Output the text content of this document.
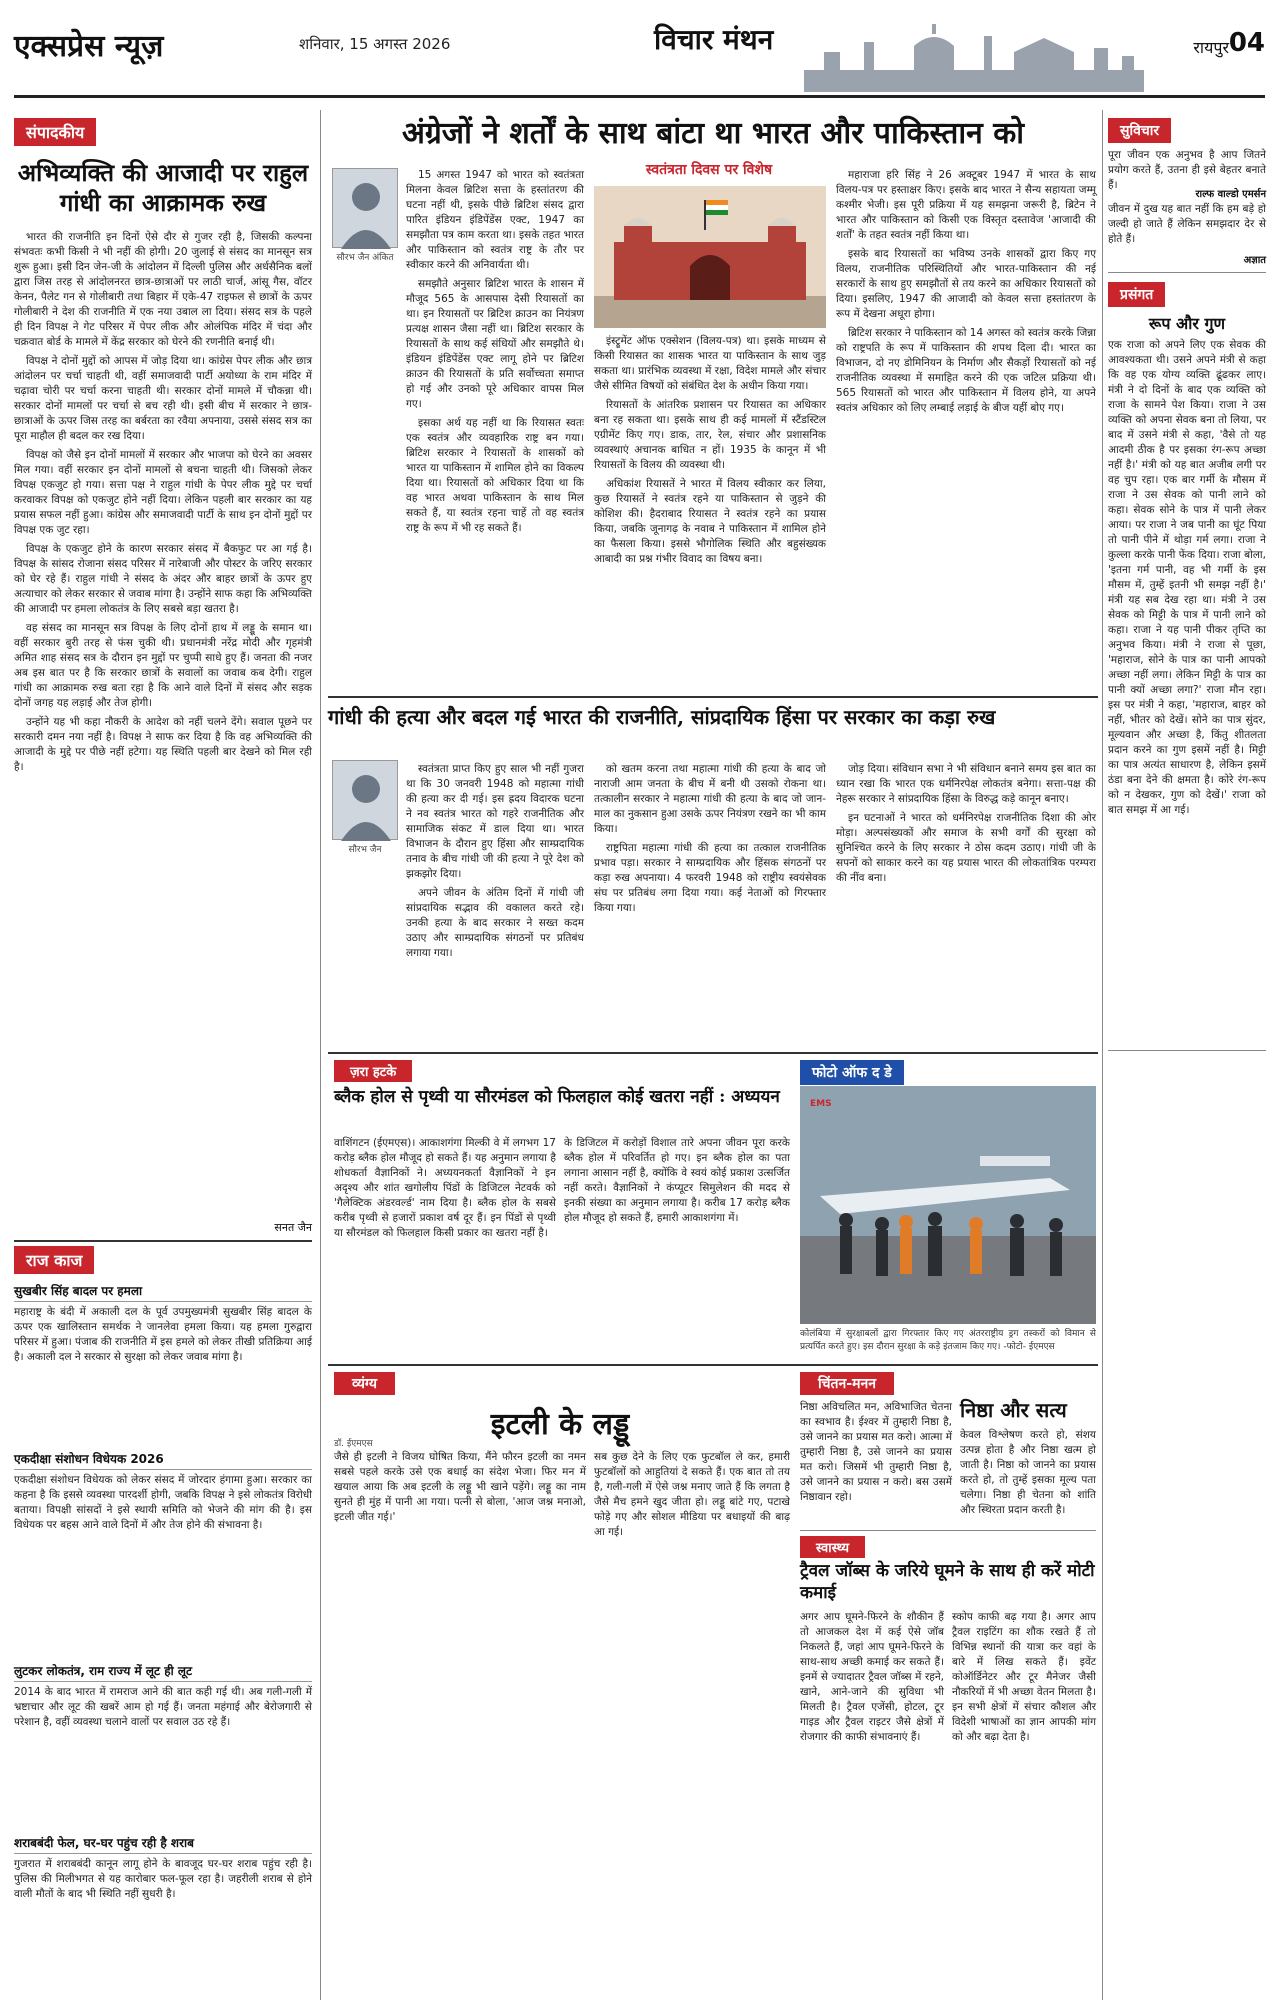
एक्सप्रेस न्यूज़	शनिवार, 15 अगस्त 2026	विचार मंथन	रायपुर 04
संपादकीय
अभिव्यक्ति की आजादी पर राहुल गांधी का आक्रामक रुख

भारत की राजनीति इन दिनों ऐसे दौर से गुजर रही है, जिसकी कल्पना संभवतः कभी किसी ने भी नहीं की होगी। 20 जुलाई से संसद का मानसून सत्र शुरू हुआ। इसी दिन जेन-जी के आंदोलन में दिल्ली पुलिस और अर्धसैनिक बलों द्वारा जिस तरह से आंदोलनरत छात्र-छात्राओं पर लाठी चार्ज, आंसू गैस, वॉटर केनन, पैलेट गन से गोलीबारी तथा बिहार में एके-47 राइफल से छात्रों के ऊपर गोलीबारी ने देश की राजनीति में एक नया उबाल ला दिया। संसद सत्र के पहले ही दिन विपक्ष ने गेट परिसर में पेपर लीक और ओलंपिक मंदिर में चंदा और चक्रवात बोर्ड के मामले में केंद्र सरकार को घेरने की रणनीति बनाई थी।

विपक्ष ने दोनों मुद्दों को आपस में जोड़ दिया था। कांग्रेस पेपर लीक और छात्र आंदोलन पर चर्चा चाहती थी, वहीं समाजवादी पार्टी अयोध्या के राम मंदिर में चढ़ावा चोरी पर चर्चा करना चाहती थी। सरकार दोनों मामले में चौकन्ना थी। सरकार दोनों मामलों पर चर्चा से बच रही थी। इसी बीच में सरकार ने छात्र-छात्राओं के ऊपर जिस तरह का बर्बरता का रवैया अपनाया, उससे संसद सत्र का पूरा माहौल ही बदल कर रख दिया।

विपक्ष को जैसे इन दोनों मामलों में सरकार और भाजपा को घेरने का अवसर मिल गया। वहीं सरकार इन दोनों मामलों से बचना चाहती थी। जिसको लेकर विपक्ष एकजुट हो गया। सत्ता पक्ष ने राहुल गांधी के पेपर लीक मुद्दे पर चर्चा करवाकर विपक्ष को एकजुट होने नहीं दिया। लेकिन पहली बार सरकार का यह प्रयास सफल नहीं हुआ। कांग्रेस और समाजवादी पार्टी के साथ इन दोनों मुद्दों पर विपक्ष एक जुट रहा।

विपक्ष के एकजुट होने के कारण सरकार संसद में बैकफुट पर आ गई है। विपक्ष के सांसद रोजाना संसद परिसर में नारेबाजी और पोस्टर के जरिए सरकार को घेर रहे हैं। राहुल गांधी ने संसद के अंदर और बाहर छात्रों के ऊपर हुए अत्याचार को लेकर सरकार से जवाब मांगा है। उन्होंने साफ कहा कि अभिव्यक्ति की आजादी पर हमला लोकतंत्र के लिए सबसे बड़ा खतरा है।

वह संसद का मानसून सत्र विपक्ष के लिए दोनों हाथ में लड्डू के समान था। वहीं सरकार बुरी तरह से फंस चुकी थी। प्रधानमंत्री नरेंद्र मोदी और गृहमंत्री अमित शाह संसद सत्र के दौरान इन मुद्दों पर चुप्पी साधे हुए हैं। जनता की नजर अब इस बात पर है कि सरकार छात्रों के सवालों का जवाब कब देगी। राहुल गांधी का आक्रामक रुख बता रहा है कि आने वाले दिनों में संसद और सड़क दोनों जगह यह लड़ाई और तेज होगी।

उन्होंने यह भी कहा नौकरी के आदेश को नहीं चलने देंगे। सवाल पूछने पर सरकारी दमन नया नहीं है। विपक्ष ने साफ कर दिया है कि वह अभिव्यक्ति की आजादी के मुद्दे पर पीछे नहीं हटेगा। यह स्थिति पहली बार देखने को मिल रही है।

सनत जैन
राज काज
सुखबीर सिंह बादल पर हमला
महाराष्ट्र के बंदी में अकाली दल के पूर्व उपमुख्यमंत्री सुखबीर सिंह बादल के ऊपर एक खालिस्तान समर्थक ने जानलेवा हमला किया। यह हमला गुरुद्वारा परिसर में हुआ। पंजाब की राजनीति में इस हमले को लेकर तीखी प्रतिक्रिया आई है। अकाली दल ने सरकार से सुरक्षा को लेकर जवाब मांगा है।
एकदीक्षा संशोधन विधेयक 2026
एकदीक्षा संशोधन विधेयक को लेकर संसद में जोरदार हंगामा हुआ। सरकार का कहना है कि इससे व्यवस्था पारदर्शी होगी, जबकि विपक्ष ने इसे लोकतंत्र विरोधी बताया। विपक्षी सांसदों ने इसे स्थायी समिति को भेजने की मांग की है। इस विधेयक पर बहस आने वाले दिनों में और तेज होने की संभावना है।
लुटकर लोकतंत्र, राम राज्य में लूट ही लूट
2014 के बाद भारत में रामराज आने की बात कही गई थी। अब गली-गली में भ्रष्टाचार और लूट की खबरें आम हो गई हैं। जनता महंगाई और बेरोजगारी से परेशान है, वहीं व्यवस्था चलाने वालों पर सवाल उठ रहे हैं।
शराबबंदी फेल, घर-घर पहुंच रही है शराब
गुजरात में शराबबंदी कानून लागू होने के बावजूद घर-घर शराब पहुंच रही है। पुलिस की मिलीभगत से यह कारोबार फल-फूल रहा है। जहरीली शराब से होने वाली मौतों के बाद भी स्थिति नहीं सुधरी है।
अंग्रेजों ने शर्तों के साथ बांटा था भारत और पाकिस्तान को
स्वतंत्रता दिवस पर विशेष
सौरभ जैन अंकित

15 अगस्त 1947 को भारत को स्वतंत्रता मिलना केवल ब्रिटिश सत्ता के हस्तांतरण की घटना नहीं थी, इसके पीछे ब्रिटिश संसद द्वारा पारित इंडियन इंडिपेंडेंस एक्ट, 1947 का समझौता पत्र काम करता था। इसके तहत भारत और पाकिस्तान को स्वतंत्र राष्ट्र के तौर पर स्वीकार करने की अनिवार्यता थी।

समझौते अनुसार ब्रिटिश भारत के शासन में मौजूद 565 के आसपास देसी रियासतों का था। इन रियासतों पर ब्रिटिश क्राउन का नियंत्रण प्रत्यक्ष शासन जैसा नहीं था। ब्रिटिश सरकार के रियासतों के साथ कई संधियों और समझौते थे। इंडियन इंडिपेंडेंस एक्ट लागू होने पर ब्रिटिश क्राउन की रियासतों के प्रति सर्वोच्चता समाप्त हो गई और उनको पूरे अधिकार वापस मिल गए।

इसका अर्थ यह नहीं था कि रियासत स्वतः एक स्वतंत्र और व्यवहारिक राष्ट्र बन गया। ब्रिटिश सरकार ने रियासतों के शासकों को भारत या पाकिस्तान में शामिल होने का विकल्प दिया था। रियासतों को अधिकार दिया था कि वह भारत अथवा पाकिस्तान के साथ मिल सकते हैं, या स्वतंत्र रहना चाहें तो वह स्वतंत्र राष्ट्र के रूप में भी रह सकते हैं।

इंस्ट्रूमेंट ऑफ एक्सेशन (विलय-पत्र) था। इसके माध्यम से किसी रियासत का शासक भारत या पाकिस्तान के साथ जुड़ सकता था। प्रारंभिक व्यवस्था में रक्षा, विदेश मामले और संचार जैसे सीमित विषयों को संबंधित देश के अधीन किया गया।

रियासतों के आंतरिक प्रशासन पर रियासत का अधिकार बना रह सकता था। इसके साथ ही कई मामलों में स्टैंडस्टिल एग्रीमेंट किए गए। डाक, तार, रेल, संचार और प्रशासनिक व्यवस्थाएं अचानक बाधित न हों। 1935 के कानून में भी रियासतों के विलय की व्यवस्था थी।

अधिकांश रियासतें ने भारत में विलय स्वीकार कर लिया, कुछ रियासतें ने स्वतंत्र रहने या पाकिस्तान से जुड़ने की कोशिश की। हैदराबाद रियासत ने स्वतंत्र रहने का प्रयास किया, जबकि जूनागढ़ के नवाब ने पाकिस्तान में शामिल होने का फैसला किया। इससे भौगोलिक स्थिति और बहुसंख्यक आबादी का प्रश्न गंभीर विवाद का विषय बना।

महाराजा हरि सिंह ने 26 अक्टूबर 1947 में भारत के साथ विलय-पत्र पर हस्ताक्षर किए। इसके बाद भारत ने सैन्य सहायता जम्मू कश्मीर भेजी। इस पूरी प्रक्रिया में यह समझना जरूरी है, ब्रिटेन ने भारत और पाकिस्तान को किसी एक विस्तृत दस्तावेज 'आजादी की शर्तों' के तहत स्वतंत्र नहीं किया था।

इसके बाद रियासतों का भविष्य उनके शासकों द्वारा किए गए विलय, राजनीतिक परिस्थितियों और भारत-पाकिस्तान की नई सरकारों के साथ हुए समझौतों से तय करने का अधिकार रियासतों को दिया। इसलिए, 1947 की आजादी को केवल सत्ता हस्तांतरण के रूप में देखना अधूरा होगा।

ब्रिटिश सरकार ने पाकिस्तान को 14 अगस्त को स्वतंत्र करके जिन्ना को राष्ट्रपति के रूप में पाकिस्तान की शपथ दिला दी। भारत का विभाजन, दो नए डोमिनियन के निर्माण और सैकड़ों रियासतों को नई राजनीतिक व्यवस्था में समाहित करने की एक जटिल प्रक्रिया थी। 565 रियासतों को भारत और पाकिस्तान में विलय होने, या अपने स्वतंत्र अधिकार को लिए लम्बाई लड़ाई के बीज यहीं बोए गए।

गांधी की हत्या और बदल गई भारत की राजनीति, सांप्रदायिक हिंसा पर सरकार का कड़ा रुख
सौरभ जैन

स्वतंत्रता प्राप्त किए हुए साल भी नहीं गुजरा था कि 30 जनवरी 1948 को महात्मा गांधी की हत्या कर दी गई। इस ह्रदय विदारक घटना ने नव स्वतंत्र भारत को गहरे राजनीतिक और सामाजिक संकट में डाल दिया था। भारत विभाजन के दौरान हुए हिंसा और साम्प्रदायिक तनाव के बीच गांधी जी की हत्या ने पूरे देश को झकझोर दिया।

अपने जीवन के अंतिम दिनों में गांधी जी सांप्रदायिक सद्भाव की वकालत करते रहे। उनकी हत्या के बाद सरकार ने सख्त कदम उठाए और साम्प्रदायिक संगठनों पर प्रतिबंध लगाया गया।

को खतम करना तथा महात्मा गांधी की हत्या के बाद जो नाराजी आम जनता के बीच में बनी थी उसको रोकना था। तत्कालीन सरकार ने महात्मा गांधी की हत्या के बाद जो जान-माल का नुकसान हुआ उसके ऊपर नियंत्रण रखने का भी काम किया।

राष्ट्रपिता महात्मा गांधी की हत्या का तत्काल राजनीतिक प्रभाव पड़ा। सरकार ने साम्प्रदायिक और हिंसक संगठनों पर कड़ा रुख अपनाया। 4 फरवरी 1948 को राष्ट्रीय स्वयंसेवक संघ पर प्रतिबंध लगा दिया गया। कई नेताओं को गिरफ्तार किया गया।

जोड़ दिया। संविधान सभा ने भी संविधान बनाने समय इस बात का ध्यान रखा कि भारत एक धर्मनिरपेक्ष लोकतंत्र बनेगा। सत्ता-पक्ष की नेहरू सरकार ने सांप्रदायिक हिंसा के विरुद्ध कड़े कानून बनाए।

इन घटनाओं ने भारत को धर्मनिरपेक्ष राजनीतिक दिशा की ओर मोड़ा। अल्पसंख्यकों और समाज के सभी वर्गों की सुरक्षा को सुनिश्चित करने के लिए सरकार ने ठोस कदम उठाए। गांधी जी के सपनों को साकार करने का यह प्रयास भारत की लोकतांत्रिक परम्परा की नींव बना।

ज़रा हटके
ब्लैक होल से पृथ्वी या सौरमंडल को फिलहाल कोई खतरा नहीं : अध्ययन
वाशिंगटन (ईएमएस)। आकाशगंगा मिल्की वे में लगभग 17 करोड़ ब्लैक होल मौजूद हो सकते हैं। यह अनुमान लगाया है शोधकर्ता वैज्ञानिकों ने। अध्ययनकर्ता वैज्ञानिकों ने इन अदृश्य और शांत खगोलीय पिंडों के डिजिटल नेटवर्क को 'गैलेक्टिक अंडरवर्ल्ड' नाम दिया है। ब्लैक होल के सबसे करीब पृथ्वी से हजारों प्रकाश वर्ष दूर हैं। इन पिंडों से पृथ्वी या सौरमंडल को फिलहाल किसी प्रकार का खतरा नहीं है।
के डिजिटल में करोड़ों विशाल तारे अपना जीवन पूरा करके ब्लैक होल में परिवर्तित हो गए। इन ब्लैक होल का पता लगाना आसान नहीं है, क्योंकि वे स्वयं कोई प्रकाश उत्सर्जित नहीं करते। वैज्ञानिकों ने कंप्यूटर सिमुलेशन की मदद से इनकी संख्या का अनुमान लगाया है। करीब 17 करोड़ ब्लैक होल मौजूद हो सकते हैं, हमारी आकाशगंगा में।
फोटो ऑफ द डे
EMS
कोलंबिया में सुरक्षाबलों द्वारा गिरफ्तार किए गए अंतरराष्ट्रीय ड्रग तस्करों को विमान से प्रत्यर्पित करते हुए। इस दौरान सुरक्षा के कड़े इंतजाम किए गए। -फोटो- ईएमएस
व्यंग्य
इटली के लड्डू
डॉ. ईएमएस
जैसे ही इटली ने विजय घोषित किया, मैंने फौरन इटली का नमन सबसे पहले करके उसे एक बधाई का संदेश भेजा। फिर मन में खयाल आया कि अब इटली के लड्डू भी खाने पड़ेंगे। लड्डू का नाम सुनते ही मुंह में पानी आ गया। पत्नी से बोला, 'आज जश्न मनाओ, इटली जीत गई।'
सब कुछ देने के लिए एक फुटबॉल ले कर, हमारी फुटबॉलों को आहुतियां दे सकते हैं। एक बात तो तय है, गली-गली में ऐसे जश्न मनाए जाते हैं कि लगता है जैसे मैच हमने खुद जीता हो। लड्डू बांटे गए, पटाखे फोड़े गए और सोशल मीडिया पर बधाइयों की बाढ़ आ गई।
चिंतन-मनन
निष्ठा और सत्य
निष्ठा अविचलित मन, अविभाजित चेतना का स्वभाव है। ईश्वर में तुम्हारी निष्ठा है, उसे जानने का प्रयास मत करो। आत्मा में तुम्हारी निष्ठा है, उसे जानने का प्रयास मत करो। जिसमें भी तुम्हारी निष्ठा है, उसे जानने का प्रयास न करो। बस उसमें निष्ठावान रहो।
केवल विश्लेषण करते हो, संशय उत्पन्न होता है और निष्ठा खत्म हो जाती है। निष्ठा को जानने का प्रयास करते हो, तो तुम्हें इसका मूल्य पता चलेगा। निष्ठा ही चेतना को शांति और स्थिरता प्रदान करती है।
स्वास्थ्य
ट्रैवल जॉब्स के जरिये घूमने के साथ ही करें मोटी कमाई
अगर आप घूमने-फिरने के शौकीन हैं तो आजकल देश में कई ऐसे जॉब निकलते हैं, जहां आप घूमने-फिरने के साथ-साथ अच्छी कमाई कर सकते हैं। इनमें से ज्यादातर ट्रैवल जॉब्स में रहने, खाने, आने-जाने की सुविधा भी मिलती है। ट्रैवल एजेंसी, होटल, टूर गाइड और ट्रैवल राइटर जैसे क्षेत्रों में रोजगार की काफी संभावनाएं हैं।
स्कोप काफी बढ़ गया है। अगर आप ट्रैवल राइटिंग का शौक रखते हैं तो विभिन्न स्थानों की यात्रा कर वहां के बारे में लिख सकते हैं। इवेंट कोऑर्डिनेटर और टूर मैनेजर जैसी नौकरियों में भी अच्छा वेतन मिलता है। इन सभी क्षेत्रों में संचार कौशल और विदेशी भाषाओं का ज्ञान आपकी मांग को और बढ़ा देता है।
सुविचार
पूरा जीवन एक अनुभव है आप जितने प्रयोग करते हैं, उतना ही इसे बेहतर बनाते हैं।
राल्फ वाल्डो एमर्सन
जीवन में दुख यह बात नहीं कि हम बड़े हो जल्दी हो जाते हैं लेकिन समझदार देर से होते हैं।
अज्ञात
प्रसंगत
रूप और गुण
एक राजा को अपने लिए एक सेवक की आवश्यकता थी। उसने अपने मंत्री से कहा कि वह एक योग्य व्यक्ति ढूंढकर लाए। मंत्री ने दो दिनों के बाद एक व्यक्ति को राजा के सामने पेश किया। राजा ने उस व्यक्ति को अपना सेवक बना तो लिया, पर बाद में उसने मंत्री से कहा, 'वैसे तो यह आदमी ठीक है पर इसका रंग-रूप अच्छा नहीं है।' मंत्री को यह बात अजीब लगी पर वह चुप रहा। एक बार गर्मी के मौसम में राजा ने उस सेवक को पानी लाने को कहा। सेवक सोने के पात्र में पानी लेकर आया। पर राजा ने जब पानी का घूंट पिया तो पानी पीने में थोड़ा गर्म लगा। राजा ने कुल्ला करके पानी फेंक दिया। राजा बोला, 'इतना गर्म पानी, वह भी गर्मी के इस मौसम में, तुम्हें इतनी भी समझ नहीं है।' मंत्री यह सब देख रहा था। मंत्री ने उस सेवक को मिट्टी के पात्र में पानी लाने को कहा। राजा ने यह पानी पीकर तृप्ति का अनुभव किया। मंत्री ने राजा से पूछा, 'महाराज, सोने के पात्र का पानी आपको अच्छा नहीं लगा। लेकिन मिट्टी के पात्र का पानी क्यों अच्छा लगा?' राजा मौन रहा। इस पर मंत्री ने कहा, 'महाराज, बाहर को नहीं, भीतर को देखें। सोने का पात्र सुंदर, मूल्यवान और अच्छा है, किंतु शीतलता प्रदान करने का गुण इसमें नहीं है। मिट्टी का पात्र अत्यंत साधारण है, लेकिन इसमें ठंडा बना देने की क्षमता है। कोरे रंग-रूप को न देखकर, गुण को देखें।' राजा को बात समझ में आ गई।
